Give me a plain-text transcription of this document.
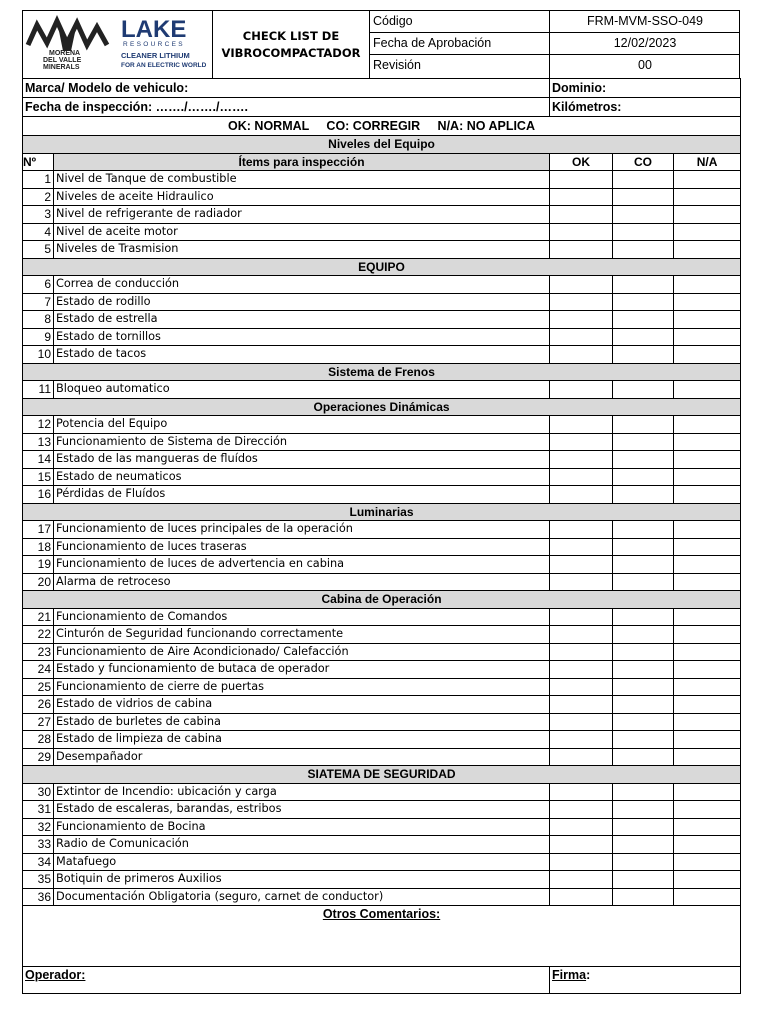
MORENA
DEL VALLE
MINERALS
LAKE
RESOURCES
CLEANER LITHIUM
FOR AN ELECTRIC WORLD
CHECK LIST DE
VIBROCOMPACTADOR
Código	FRM-MVM-SSO-049
Fecha de Aprobación	12/02/2023
Revisión	00
Marca/ Modelo de vehiculo:		Dominio:		
Fecha de inspección: ……./……./…….		Kilómetros:		
OK: NORMAL     CO: CORREGIR     N/A: NO APLICA				
Niveles del Equipo				
Nº	Ítems para inspección	OK	CO	N/A
1	Nivel de Tanque de combustible			
2	Niveles de aceite Hidraulico			
3	Nivel de refrigerante de radiador			
4	Nivel de aceite motor			
5	Niveles de Trasmision			
EQUIPO				
6	Correa de conducción			
7	Estado de rodillo			
8	Estado de estrella			
9	Estado de tornillos			
10	Estado de tacos			
Sistema de Frenos				
11	Bloqueo automatico			
Operaciones Dinámicas				
12	Potencia del Equipo			
13	Funcionamiento de Sistema de Dirección			
14	Estado de las mangueras de fluídos			
15	Estado de neumaticos			
16	Pérdidas de Fluídos			
Luminarias				
17	Funcionamiento de luces principales de la operación			
18	Funcionamiento de luces traseras			
19	Funcionamiento de luces de advertencia en cabina			
20	Alarma de retroceso			
Cabina de Operación				
21	Funcionamiento de Comandos			
22	Cinturón de Seguridad funcionando correctamente			
23	Funcionamiento de Aire Acondicionado/ Calefacción			
24	Estado y funcionamiento de butaca de operador			
25	Funcionamiento de cierre de puertas			
26	Estado de vidrios de cabina			
27	Estado de burletes de cabina			
28	Estado de limpieza de cabina			
29	Desempañador			
SIATEMA DE SEGURIDAD				
30	Extintor de Incendio: ubicación y carga			
31	Estado de escaleras, barandas, estribos			
32	Funcionamiento de Bocina			
33	Radio de Comunicación			
34	Matafuego			
35	Botiquin de primeros Auxilios			
36	Documentación Obligatoria (seguro, carnet de conductor)			
Otros Comentarios:				
Operador:		Firma:		
